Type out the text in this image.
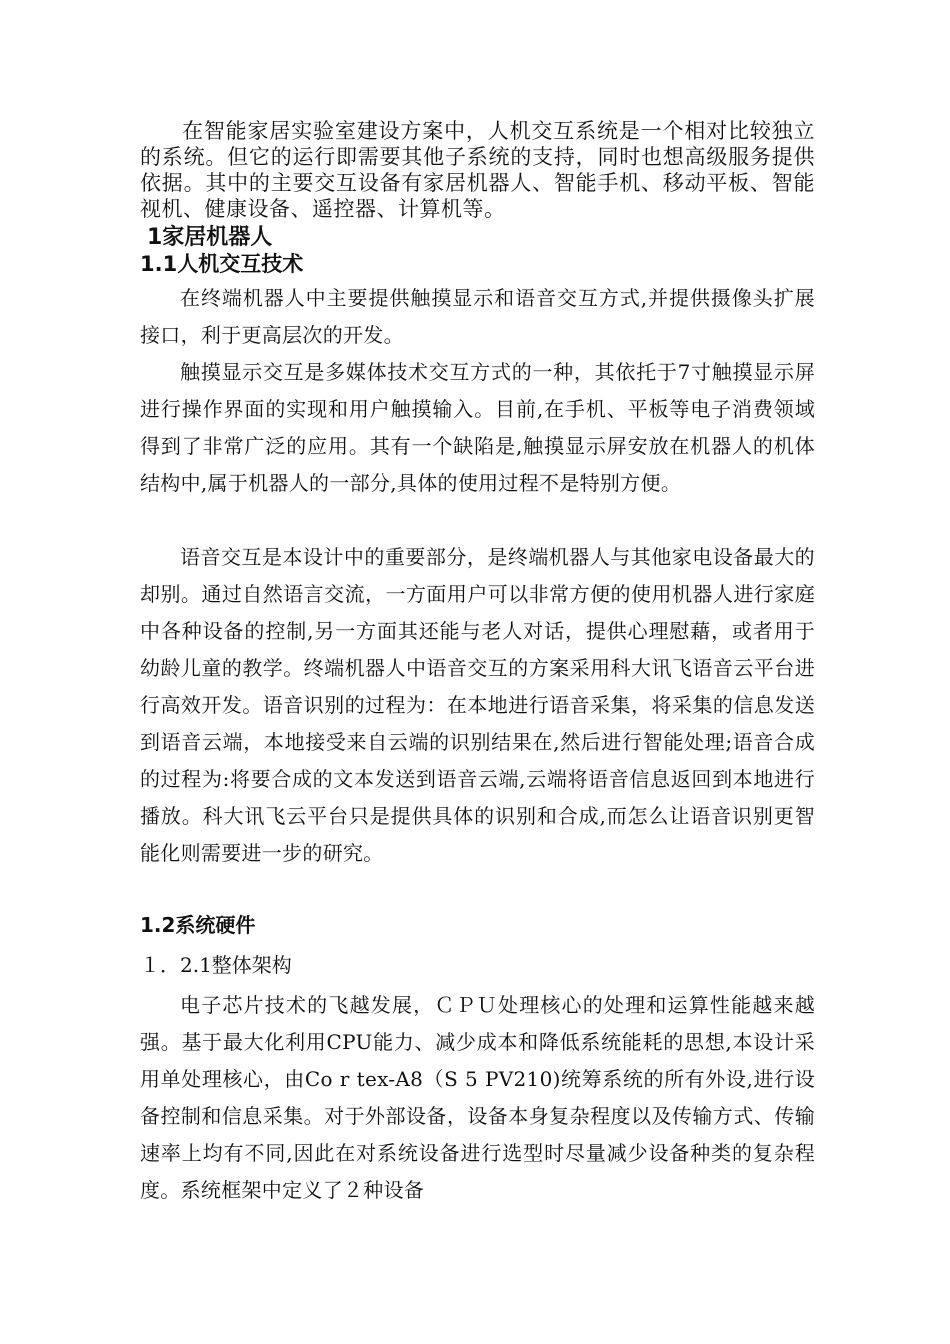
在智能家居实验室建设方案中，人机交互系统是一个相对比较独立的系统。但它的运行即需要其他子系统的支持，同时也想高级服务提供依据。其中的主要交互设备有家居机器人、智能手机、移动平板、智能视机、健康设备、遥控器、计算机等。
1家居机器人
1.1人机交互技术
在终端机器人中主要提供触摸显示和语音交互方式,并提供摄像头扩展接口，利于更高层次的开发。
触摸显示交互是多媒体技术交互方式的一种，其依托于7寸触摸显示屏进行操作界面的实现和用户触摸输入。目前,在手机、平板等电子消费领域得到了非常广泛的应用。其有一个缺陷是,触摸显示屏安放在机器人的机体结构中,属于机器人的一部分,具体的使用过程不是特别方便。
语音交互是本设计中的重要部分，是终端机器人与其他家电设备最大的却别。通过自然语言交流，一方面用户可以非常方便的使用机器人进行家庭中各种设备的控制,另一方面其还能与老人对话，提供心理慰藉，或者用于幼龄儿童的教学。终端机器人中语音交互的方案采用科大讯飞语音云平台进行高效开发。语音识别的过程为：在本地进行语音采集，将采集的信息发送到语音云端，本地接受来自云端的识别结果在,然后进行智能处理;语音合成的过程为:将要合成的文本发送到语音云端,云端将语音信息返回到本地进行播放。科大讯飞云平台只是提供具体的识别和合成,而怎么让语音识别更智能化则需要进一步的研究。
1.2系统硬件
１．2.1整体架构
电子芯片技术的飞越发展，ＣＰＵ处理核心的处理和运算性能越来越强。基于最大化利用CPU能力、减少成本和降低系统能耗的思想,本设计采用单处理核心，由Co r tex-A8（S 5 PV210)统筹系统的所有外设,进行设备控制和信息采集。对于外部设备，设备本身复杂程度以及传输方式、传输速率上均有不同,因此在对系统设备进行选型时尽量减少设备种类的复杂程度。系统框架中定义了２种设备
